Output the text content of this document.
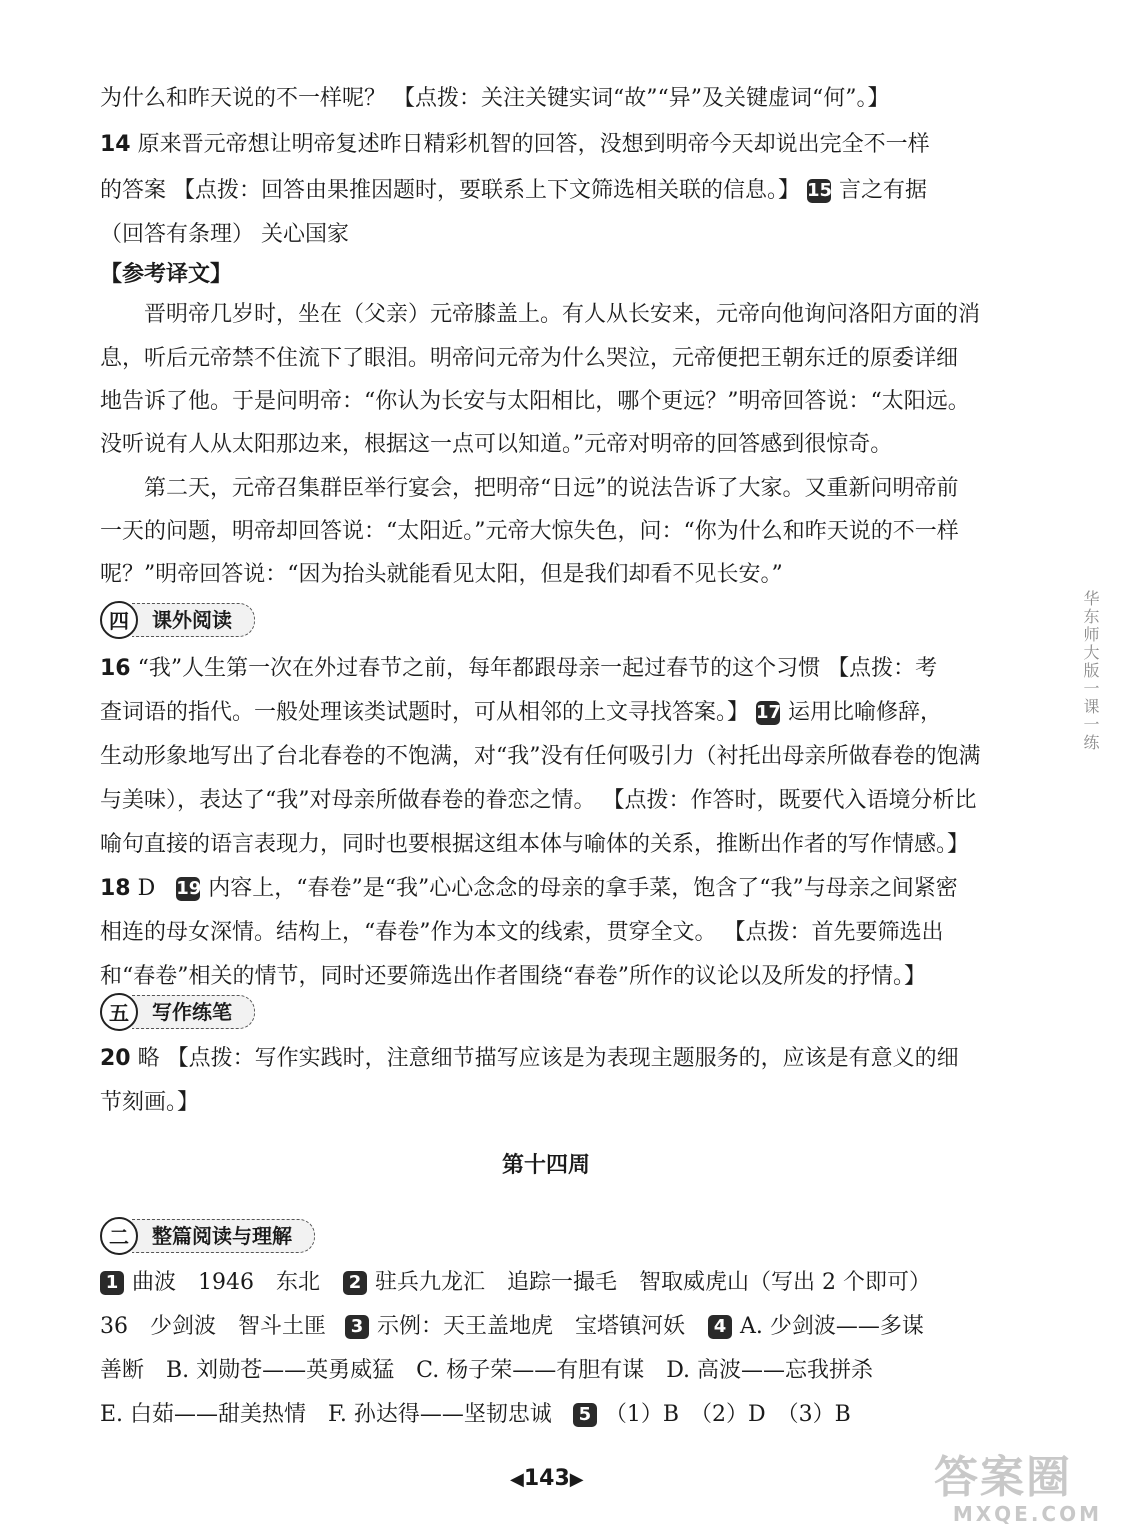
为什么和昨天说的不一样呢？ 【点拨：关注关键实词“故”“异”及关键虚词“何”。】
14 原来晋元帝想让明帝复述昨日精彩机智的回答，没想到明帝今天却说出完全不一样
的答案 【点拨：回答由果推因题时，要联系上下文筛选相关联的信息。】 15 言之有据
（回答有条理） 关心国家
【参考译文】
晋明帝几岁时，坐在（父亲）元帝膝盖上。有人从长安来，元帝向他询问洛阳方面的消
息，听后元帝禁不住流下了眼泪。明帝问元帝为什么哭泣，元帝便把王朝东迁的原委详细
地告诉了他。于是问明帝：“你认为长安与太阳相比，哪个更远？”明帝回答说：“太阳远。
没听说有人从太阳那边来，根据这一点可以知道。”元帝对明帝的回答感到很惊奇。
第二天，元帝召集群臣举行宴会，把明帝“日远”的说法告诉了大家。又重新问明帝前
一天的问题，明帝却回答说：“太阳近。”元帝大惊失色，问：“你为什么和昨天说的不一样
呢？”明帝回答说：“因为抬头就能看见太阳，但是我们却看不见长安。”
四	课外阅读
16 “我”人生第一次在外过春节之前，每年都跟母亲一起过春节的这个习惯 【点拨：考
查词语的指代。一般处理该类试题时，可从相邻的上文寻找答案。】 17 运用比喻修辞，
生动形象地写出了台北春卷的不饱满，对“我”没有任何吸引力（衬托出母亲所做春卷的饱满
与美味），表达了“我”对母亲所做春卷的眷恋之情。 【点拨：作答时，既要代入语境分析比
喻句直接的语言表现力，同时也要根据这组本体与喻体的关系，推断出作者的写作情感。】
18 D 19 内容上，“春卷”是“我”心心念念的母亲的拿手菜，饱含了“我”与母亲之间紧密
相连的母女深情。结构上，“春卷”作为本文的线索，贯穿全文。 【点拨：首先要筛选出
和“春卷”相关的情节，同时还要筛选出作者围绕“春卷”所作的议论以及所发的抒情。】
五	写作练笔
20 略 【点拨：写作实践时，注意细节描写应该是为表现主题服务的，应该是有意义的细
节刻画。】
第十四周
二	整篇阅读与理解
1 曲波　1946　东北 2 驻兵九龙汇　追踪一撮毛　智取威虎山（写出 2 个即可）
36　少剑波　智斗土匪 3 示例：天王盖地虎　宝塔镇河妖 4 A. 少剑波——多谋
善断　B. 刘勋苍——英勇威猛　C. 杨子荣——有胆有谋　D. 高波——忘我拼杀
E. 白茹——甜美热情　F. 孙达得——坚韧忠诚 5 （1）B　（2）D　（3）B
华东师大版一课一练
◀143▶	答案圈
MXQE.COM
